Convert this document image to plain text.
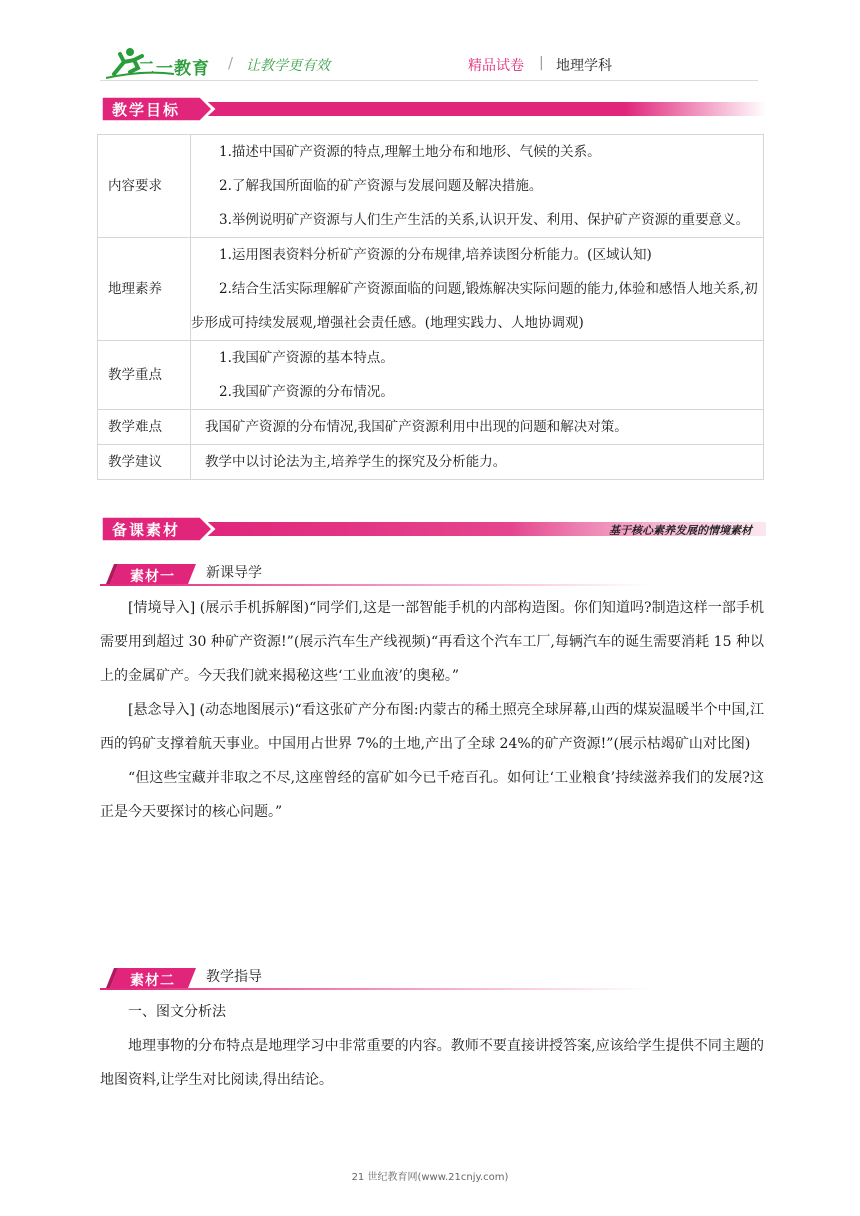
二一教育 / 让教学更有效	精品试卷 | 地理学科
教学目标
内容要求	1.描述中国矿产资源的特点,理解土地分布和地形、气候的关系。
2.了解我国所面临的矿产资源与发展问题及解决措施。
3.举例说明矿产资源与人们生产生活的关系,认识开发、利用、保护矿产资源的重要意义。

地理素养	1.运用图表资料分析矿产资源的分布规律,培养读图分析能力。(区域认知)
2.结合生活实际理解矿产资源面临的问题,锻炼解决实际问题的能力,体验和感悟人地关系,初步形成可持续发展观,增强社会责任感。(地理实践力、人地协调观)

教学重点	1.我国矿产资源的基本特点。
2.我国矿产资源的分布情况。

教学难点	我国矿产资源的分布情况,我国矿产资源利用中出现的问题和解决对策。

教学建议	教学中以讨论法为主,培养学生的探究及分析能力。
备课素材	基于核心素养发展的情境素材
素材一 新课导学

[情境导入] (展示手机拆解图)“同学们,这是一部智能手机的内部构造图。你们知道吗?制造这样一部手机需要用到超过 30 种矿产资源!”(展示汽车生产线视频)“再看这个汽车工厂,每辆汽车的诞生需要消耗 15 种以上的金属矿产。今天我们就来揭秘这些‘工业血液’的奥秘。”

[悬念导入] (动态地图展示)“看这张矿产分布图:内蒙古的稀土照亮全球屏幕,山西的煤炭温暖半个中国,江西的钨矿支撑着航天事业。中国用占世界 7%的土地,产出了全球 24%的矿产资源!”(展示枯竭矿山对比图)

“但这些宝藏并非取之不尽,这座曾经的富矿如今已千疮百孔。如何让‘工业粮食’持续滋养我们的发展?这正是今天要探讨的核心问题。”

素材二 教学指导

一、图文分析法

地理事物的分布特点是地理学习中非常重要的内容。教师不要直接讲授答案,应该给学生提供不同主题的地图资料,让学生对比阅读,得出结论。

21 世纪教育网(www.21cnjy.com)
